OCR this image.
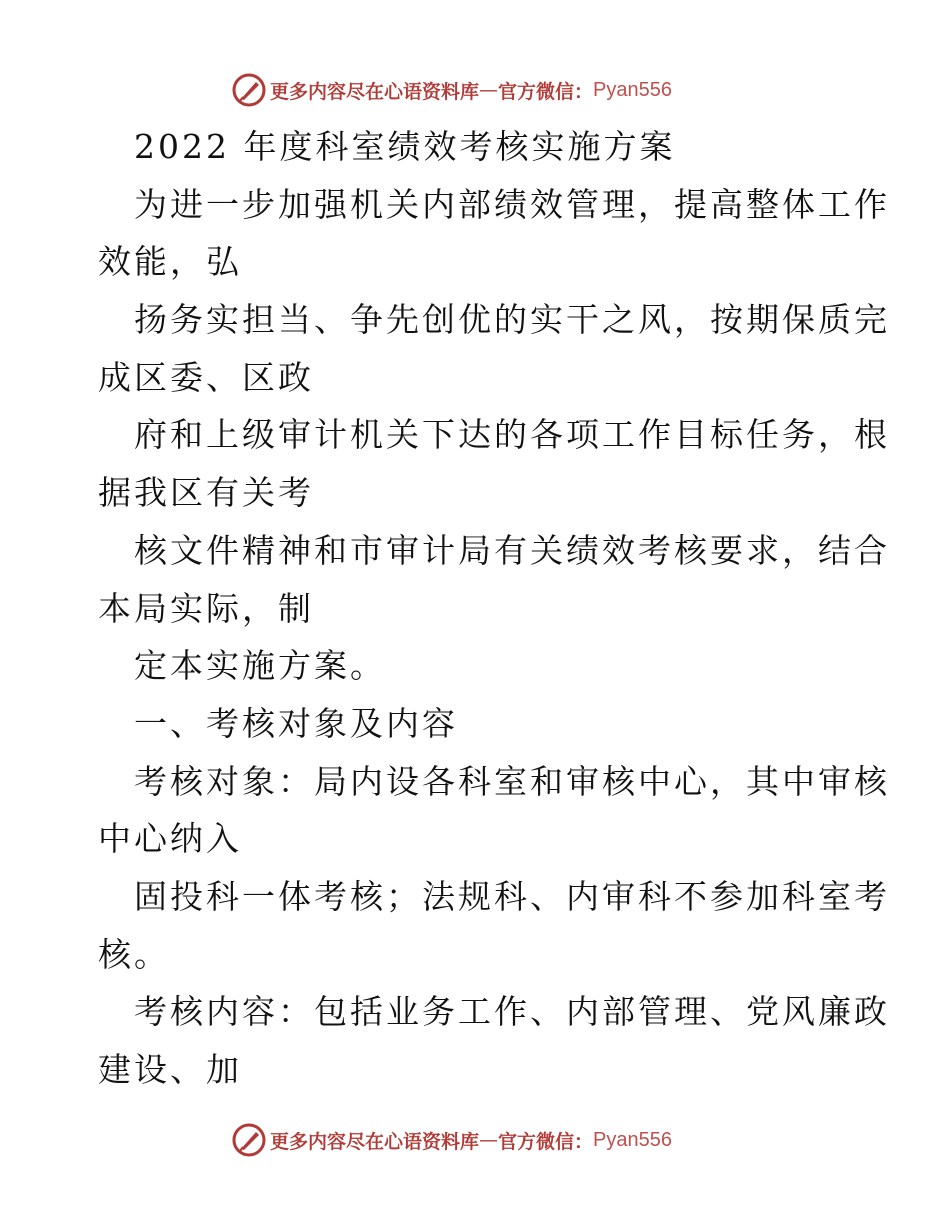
更多内容尽在心语资料库 — 官方微信： Pyan556
2022 年度科室绩效考核实施方案
为进一步加强机关内部绩效管理，提高整体工作
效能，弘
扬务实担当、争先创优的实干之风，按期保质完
成区委、区政
府和上级审计机关下达的各项工作目标任务，根
据我区有关考
核文件精神和市审计局有关绩效考核要求，结合
本局实际，制
定本实施方案。
一、考核对象及内容
考核对象：局内设各科室和审核中心，其中审核
中心纳入
固投科一体考核；法规科、内审科不参加科室考
核。
考核内容：包括业务工作、内部管理、党风廉政
建设、加
更多内容尽在心语资料库 — 官方微信： Pyan556
